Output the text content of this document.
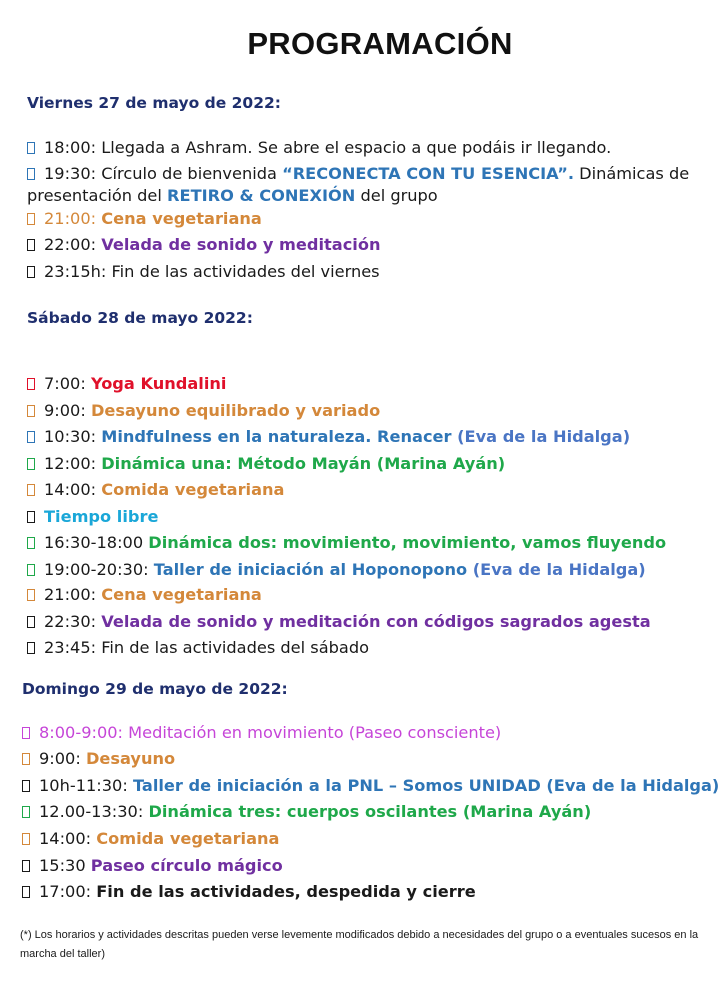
PROGRAMACIÓN
Viernes 27 de mayo de 2022:
18:00: Llegada a Ashram. Se abre el espacio a que podáis ir llegando.
19:30: Círculo de bienvenida “RECONECTA CON TU ESENCIA”. Dinámicas de
presentación del RETIRO & CONEXIÓN del grupo
21:00: Cena vegetariana
22:00: Velada de sonido y meditación
23:15h: Fin de las actividades del viernes
Sábado 28 de mayo 2022:
7:00: Yoga Kundalini
9:00: Desayuno equilibrado y variado
10:30: Mindfulness en la naturaleza. Renacer (Eva de la Hidalga)
12:00: Dinámica una: Método Mayán (Marina Ayán)
14:00: Comida vegetariana
Tiempo libre
16:30-18:00 Dinámica dos: movimiento, movimiento, vamos fluyendo
19:00-20:30: Taller de iniciación al Hoponopono (Eva de la Hidalga)
21:00: Cena vegetariana
22:30: Velada de sonido y meditación con códigos sagrados agesta
23:45: Fin de las actividades del sábado
Domingo 29 de mayo de 2022:
8:00-9:00: Meditación en movimiento (Paseo consciente)
9:00: Desayuno
10h-11:30: Taller de iniciación a la PNL – Somos UNIDAD (Eva de la Hidalga)
12.00-13:30: Dinámica tres: cuerpos oscilantes (Marina Ayán)
14:00: Comida vegetariana
15:30 Paseo círculo mágico
17:00: Fin de las actividades, despedida y cierre
(*) Los horarios y actividades descritas pueden verse levemente modificados debido a necesidades del grupo o a eventuales sucesos en la marcha del taller)
